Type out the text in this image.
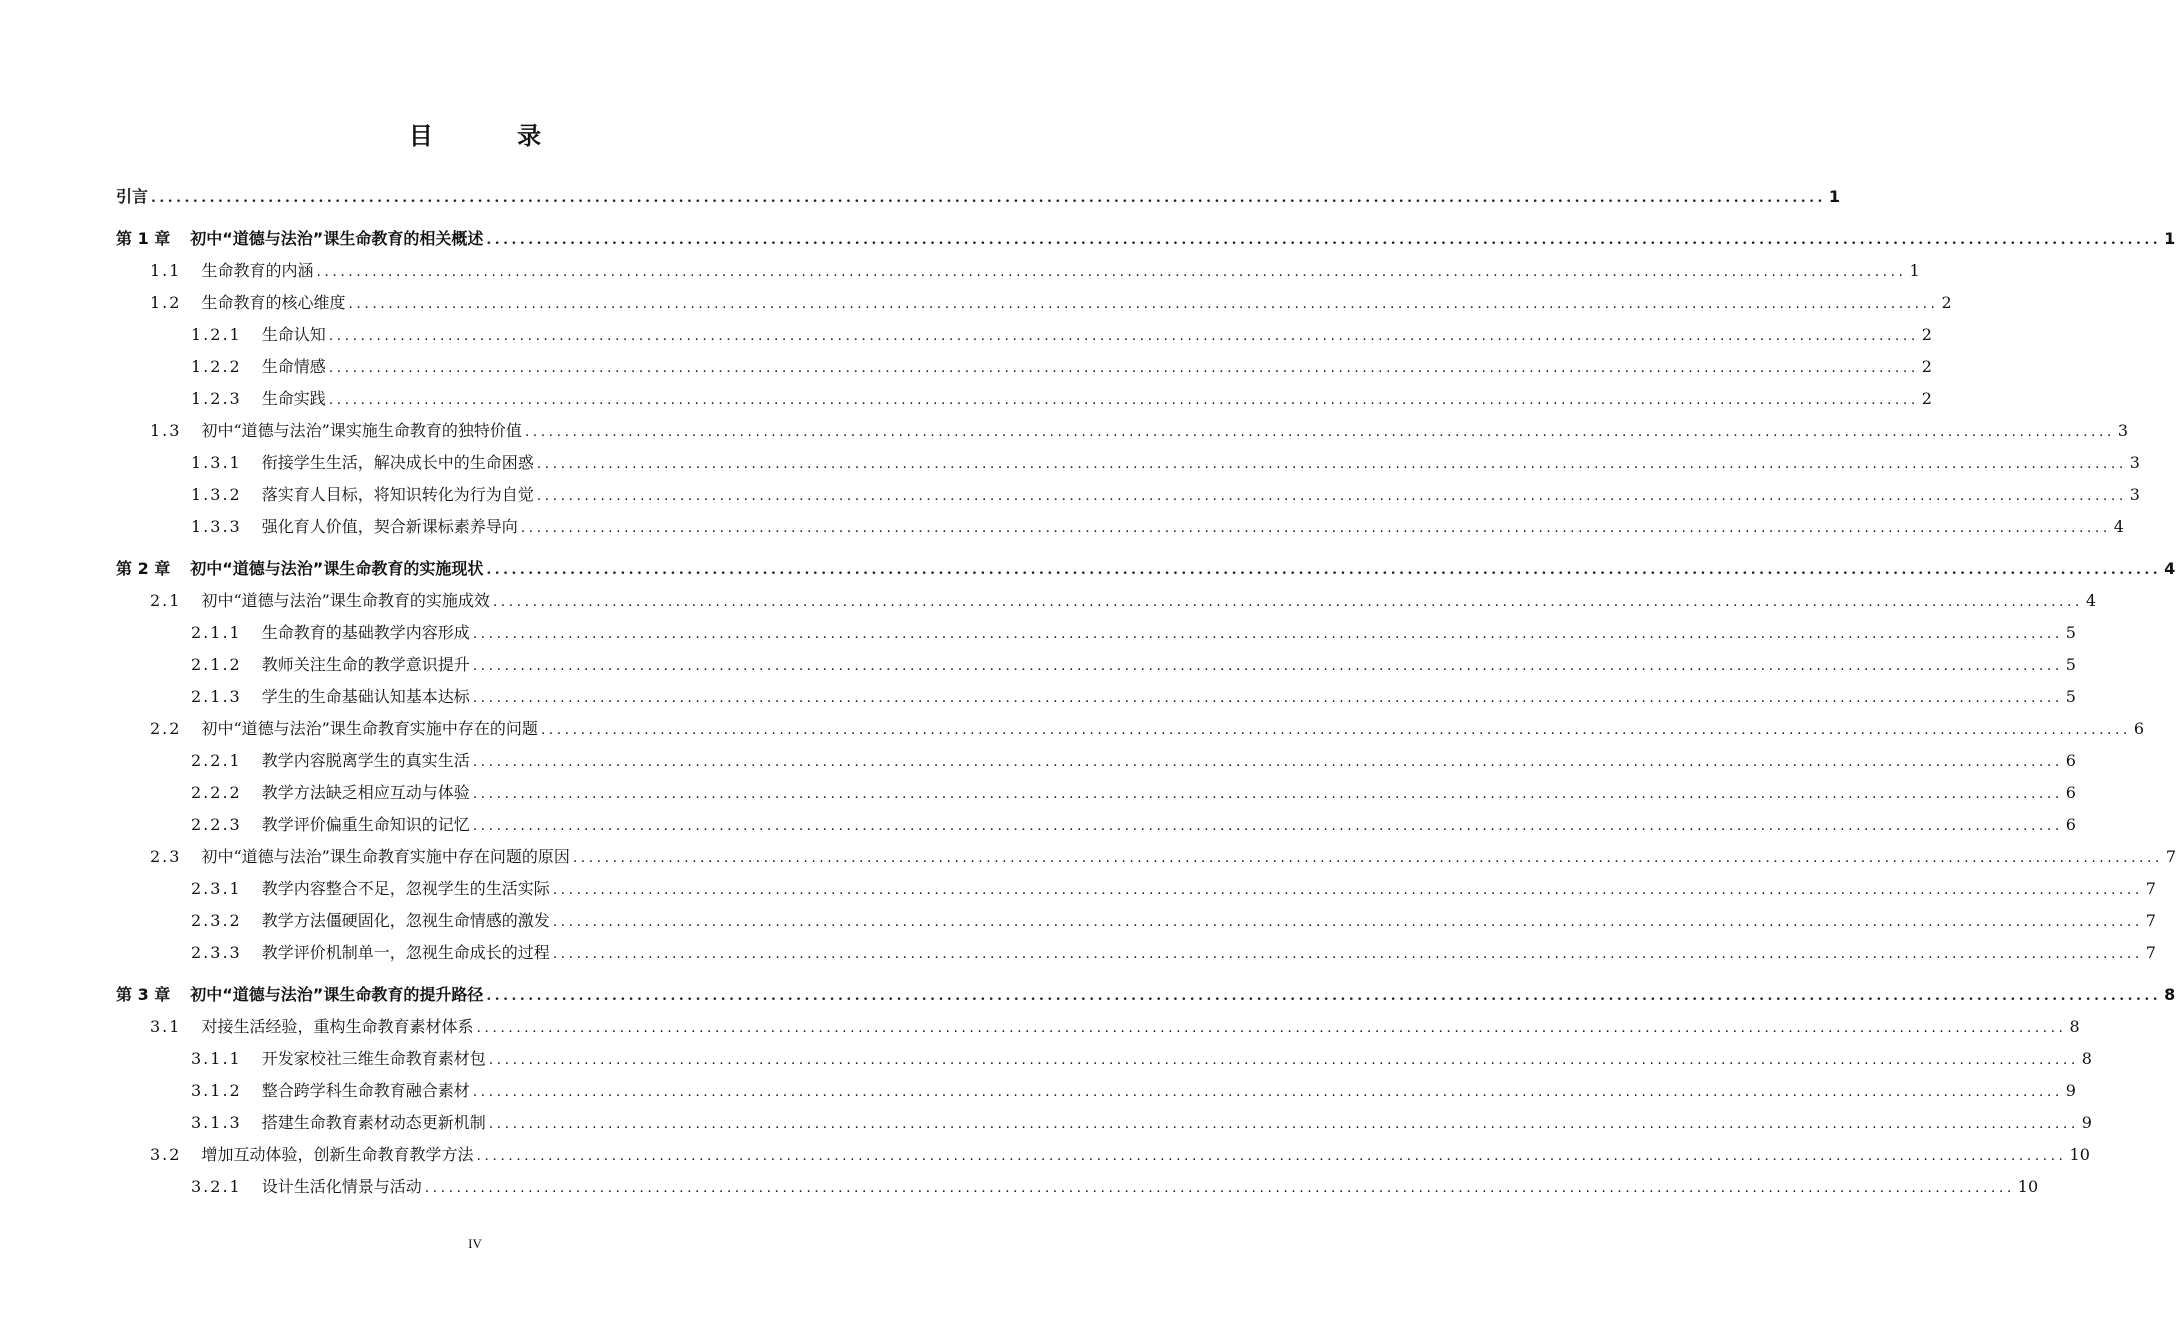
目 录
引言 ........................................................................................................................................................................................................ 1
第 1 章 初中“道德与法治”课生命教育的相关概述 ........................................................................................................................................................................................................ 1
1.1 生命教育的内涵 ........................................................................................................................................................................................................ 1
1.2 生命教育的核心维度 ........................................................................................................................................................................................................ 2
1.2.1 生命认知 ........................................................................................................................................................................................................ 2
1.2.2 生命情感 ........................................................................................................................................................................................................ 2
1.2.3 生命实践 ........................................................................................................................................................................................................ 2
1.3 初中“道德与法治”课实施生命教育的独特价值 ........................................................................................................................................................................................................ 3
1.3.1 衔接学生生活，解决成长中的生命困惑 ........................................................................................................................................................................................................ 3
1.3.2 落实育人目标，将知识转化为行为自觉 ........................................................................................................................................................................................................ 3
1.3.3 强化育人价值，契合新课标素养导向 ........................................................................................................................................................................................................ 4
第 2 章 初中“道德与法治”课生命教育的实施现状 ........................................................................................................................................................................................................ 4
2.1 初中“道德与法治”课生命教育的实施成效 ........................................................................................................................................................................................................ 4
2.1.1 生命教育的基础教学内容形成 ........................................................................................................................................................................................................ 5
2.1.2 教师关注生命的教学意识提升 ........................................................................................................................................................................................................ 5
2.1.3 学生的生命基础认知基本达标 ........................................................................................................................................................................................................ 5
2.2 初中“道德与法治”课生命教育实施中存在的问题 ........................................................................................................................................................................................................ 6
2.2.1 教学内容脱离学生的真实生活 ........................................................................................................................................................................................................ 6
2.2.2 教学方法缺乏相应互动与体验 ........................................................................................................................................................................................................ 6
2.2.3 教学评价偏重生命知识的记忆 ........................................................................................................................................................................................................ 6
2.3 初中“道德与法治”课生命教育实施中存在问题的原因 ........................................................................................................................................................................................................ 7
2.3.1 教学内容整合不足，忽视学生的生活实际 ........................................................................................................................................................................................................ 7
2.3.2 教学方法僵硬固化，忽视生命情感的激发 ........................................................................................................................................................................................................ 7
2.3.3 教学评价机制单一，忽视生命成长的过程 ........................................................................................................................................................................................................ 7
第 3 章 初中“道德与法治”课生命教育的提升路径 ........................................................................................................................................................................................................ 8
3.1 对接生活经验，重构生命教育素材体系 ........................................................................................................................................................................................................ 8
3.1.1 开发家校社三维生命教育素材包 ........................................................................................................................................................................................................ 8
3.1.2 整合跨学科生命教育融合素材 ........................................................................................................................................................................................................ 9
3.1.3 搭建生命教育素材动态更新机制 ........................................................................................................................................................................................................ 9
3.2 增加互动体验，创新生命教育教学方法 ........................................................................................................................................................................................................ 10
3.2.1 设计生活化情景与活动 ........................................................................................................................................................................................................ 10
IV
